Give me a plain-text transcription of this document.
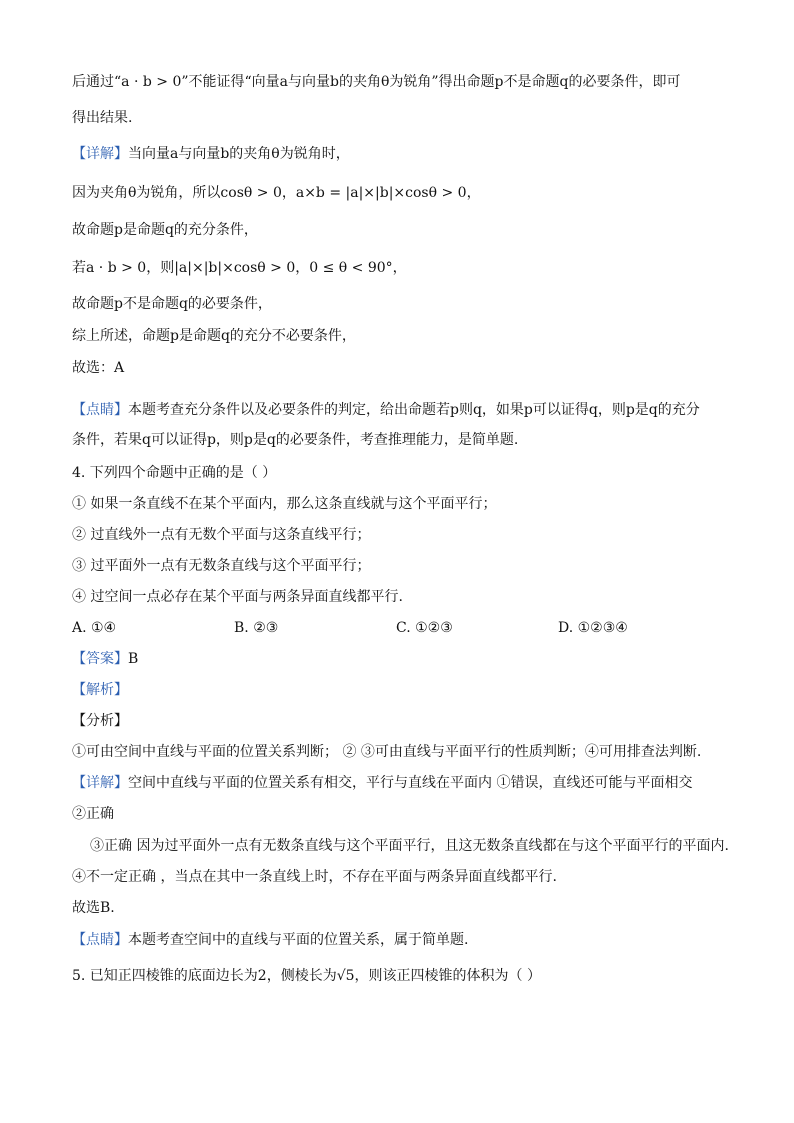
后通过“a · b > 0”不能证得“向量a与向量b的夹角θ为锐角”得出命题p不是命题q的必要条件，即可
得出结果.
【详解】当向量a与向量b的夹角θ为锐角时，
因为夹角θ为锐角，所以cosθ > 0，a×b = |a|×|b|×cosθ > 0，
故命题p是命题q的充分条件，
若a · b > 0，则|a|×|b|×cosθ > 0，0 ≤ θ < 90°，
故命题p不是命题q的必要条件，
综上所述，命题p是命题q的充分不必要条件，
故选：A
【点睛】本题考查充分条件以及必要条件的判定，给出命题若p则q，如果p可以证得q，则p是q的充分
条件，若果q可以证得p，则p是q的必要条件，考查推理能力，是简单题.
4. 下列四个命题中正确的是（ ）
① 如果一条直线不在某个平面内，那么这条直线就与这个平面平行；
② 过直线外一点有无数个平面与这条直线平行；
③ 过平面外一点有无数条直线与这个平面平行；
④ 过空间一点必存在某个平面与两条异面直线都平行.
A. ①④	B. ②③	C. ①②③	D. ①②③④
【答案】B
【解析】
【分析】
①可由空间中直线与平面的位置关系判断； ② ③可由直线与平面平行的性质判断；④可用排查法判断.
【详解】空间中直线与平面的位置关系有相交，平行与直线在平面内 ①错误，直线还可能与平面相交
②正确
③正确 因为过平面外一点有无数条直线与这个平面平行，且这无数条直线都在与这个平面平行的平面内.
④不一定正确 ，当点在其中一条直线上时，不存在平面与两条异面直线都平行.
故选B.
【点睛】本题考查空间中的直线与平面的位置关系，属于简单题.
5. 已知正四棱锥的底面边长为2，侧棱长为√5，则该正四棱锥的体积为（ ）
